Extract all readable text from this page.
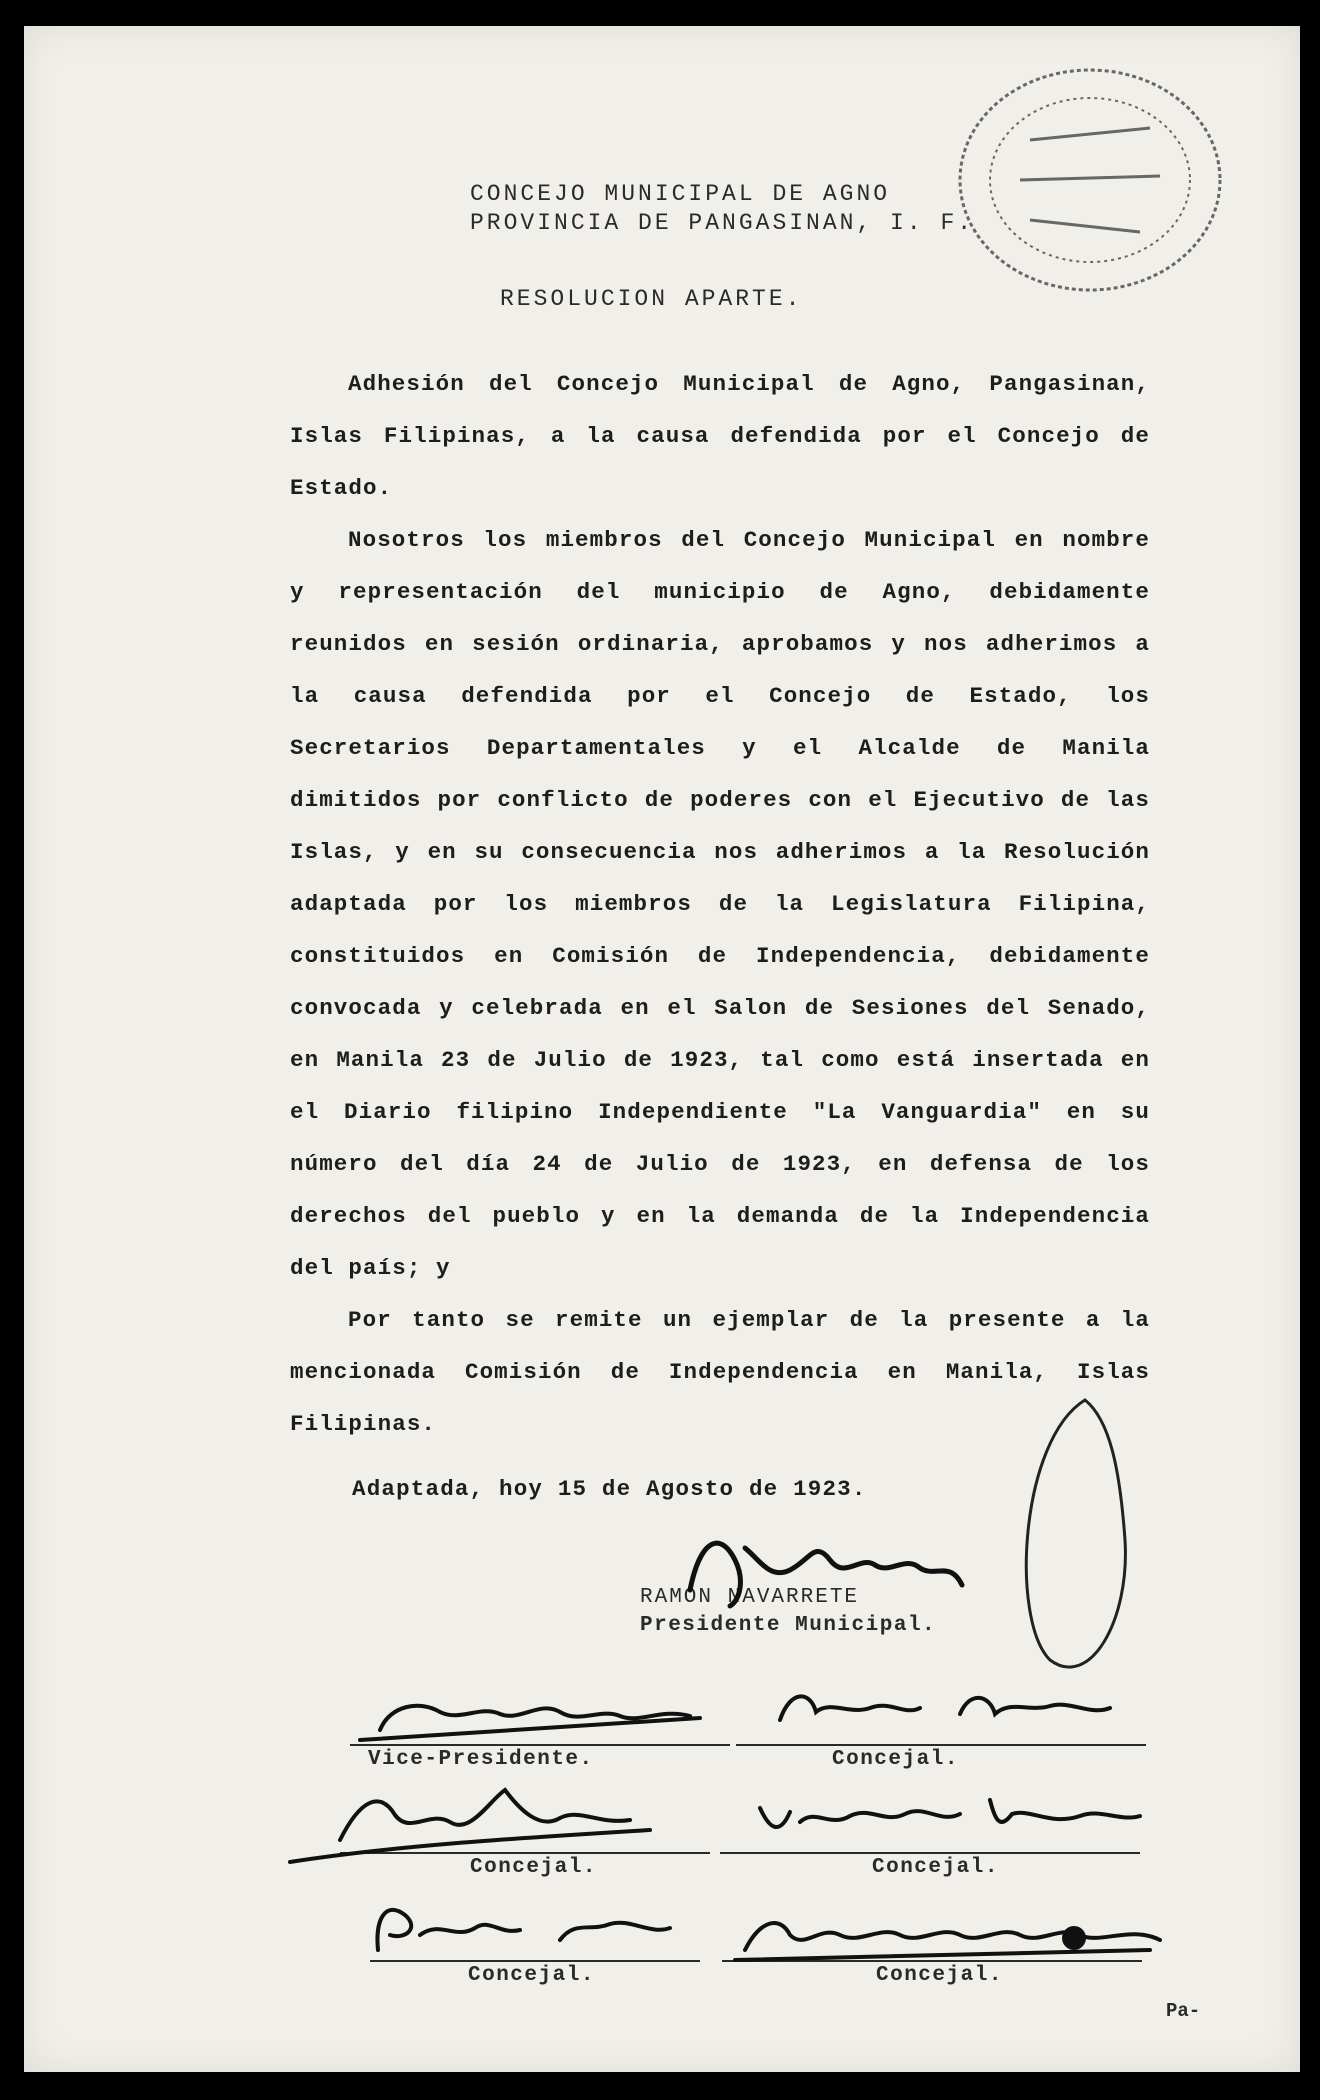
CONCEJO MUNICIPAL DE AGNO
PROVINCIA DE PANGASINAN, I. F.
RESOLUCION APARTE.

Adhesión del Concejo Municipal de Agno, Pangasinan, Islas Filipinas, a la causa defendida por el Concejo de Estado.

Nosotros los miembros del Concejo Municipal en nombre y representación del municipio de Agno, debidamente reunidos en sesión ordinaria, aprobamos y nos adherimos a la causa defendida por el Concejo de Estado, los Secretarios Departamentales y el Alcalde de Manila dimitidos por conflicto de poderes con el Ejecutivo de las Islas, y en su consecuencia nos adherimos a la Resolución adaptada por los miembros de la Legislatura Filipina, constituidos en Comisión de Independencia, debidamente convocada y celebrada en el Salon de Sesiones del Senado, en Manila 23 de Julio de 1923, tal como está insertada en el Diario filipino Independiente "La Vanguardia" en su número del día 24 de Julio de 1923, en defensa de los derechos del pueblo y en la demanda de la Independencia del país; y

Por tanto se remite un ejemplar de la presente a la mencionada Comisión de Independencia en Manila, Islas Filipinas.

Adaptada, hoy 15 de Agosto de 1923.
RAMON NAVARRETE
Presidente Municipal.
Vice-Presidente.	Concejal.
Concejal.	Concejal.
Concejal.	Concejal.
Pa-
